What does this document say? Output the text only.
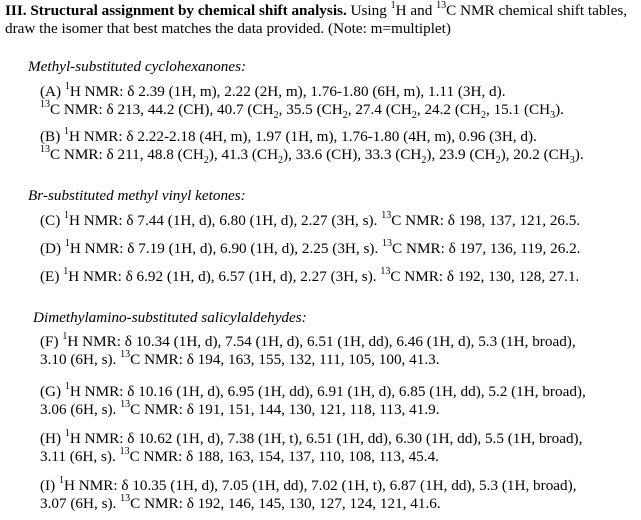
III. Structural assignment by chemical shift analysis. Using $^1$H and $^{13}$C NMR chemical shift tables, draw the isomer that best matches the data provided. (Note: m=multiplet)
Methyl-substituted cyclohexanones:
(A) $^1$H NMR: δ 2.39 (1H, m), 2.22 (2H, m), 1.76-1.80 (6H, m), 1.11 (3H, d).
$^{13}$C NMR: δ 213, 44.2 (CH), 40.7 ($CH_2$, 35.5 ($CH_2$, 27.4 ($CH_2$, 24.2 ($CH_2$, 15.1 $(CH_3)$.
(B) $^1$H NMR: δ 2.22-2.18 (4H, m), 1.97 (1H, m), 1.76-1.80 (4H, m), 0.96 (3H, d).
$^{13}$C NMR: δ 211, 48.8 $(CH_2)$, 41.3 $(CH_2)$, 33.6 (CH), 33.3 $(CH_2)$, 23.9 $(CH_2)$, 20.2 $(CH_3)$.
Br-substituted methyl vinyl ketones:
(C) $^1$H NMR: δ 7.44 (1H, d), 6.80 (1H, d), 2.27 (3H, s). $^{13}$C NMR: δ 198, 137, 121, 26.5.
(D) $^1$H NMR: δ 7.19 (1H, d), 6.90 (1H, d), 2.25 (3H, s). $^{13}$C NMR: δ 197, 136, 119, 26.2.
(E) $^1$H NMR: δ 6.92 (1H, d), 6.57 (1H, d), 2.27 (3H, s). $^{13}$C NMR: δ 192, 130, 128, 27.1.
Dimethylamino-substituted salicylaldehydes:
(F) $^1$H NMR: δ 10.34 (1H, d), 7.54 (1H, d), 6.51 (1H, dd), 6.46 (1H, d), 5.3 (1H, broad),
3.10 (6H, s). $^{13}$C NMR: δ 194, 163, 155, 132, 111, 105, 100, 41.3.
(G) $^1$H NMR: δ 10.16 (1H, d), 6.95 (1H, dd), 6.91 (1H, d), 6.85 (1H, dd), 5.2 (1H, broad),
3.06 (6H, s). $^{13}$C NMR: δ 191, 151, 144, 130, 121, 118, 113, 41.9.
(H) $^1$H NMR: δ 10.62 (1H, d), 7.38 (1H, t), 6.51 (1H, dd), 6.30 (1H, dd), 5.5 (1H, broad),
3.11 (6H, s). $^{13}$C NMR: δ 188, 163, 154, 137, 110, 108, 113, 45.4.
(I) $^1$H NMR: δ 10.35 (1H, d), 7.05 (1H, dd), 7.02 (1H, t), 6.87 (1H, dd), 5.3 (1H, broad),
3.07 (6H, s). $^{13}$C NMR: δ 192, 146, 145, 130, 127, 124, 121, 41.6.
